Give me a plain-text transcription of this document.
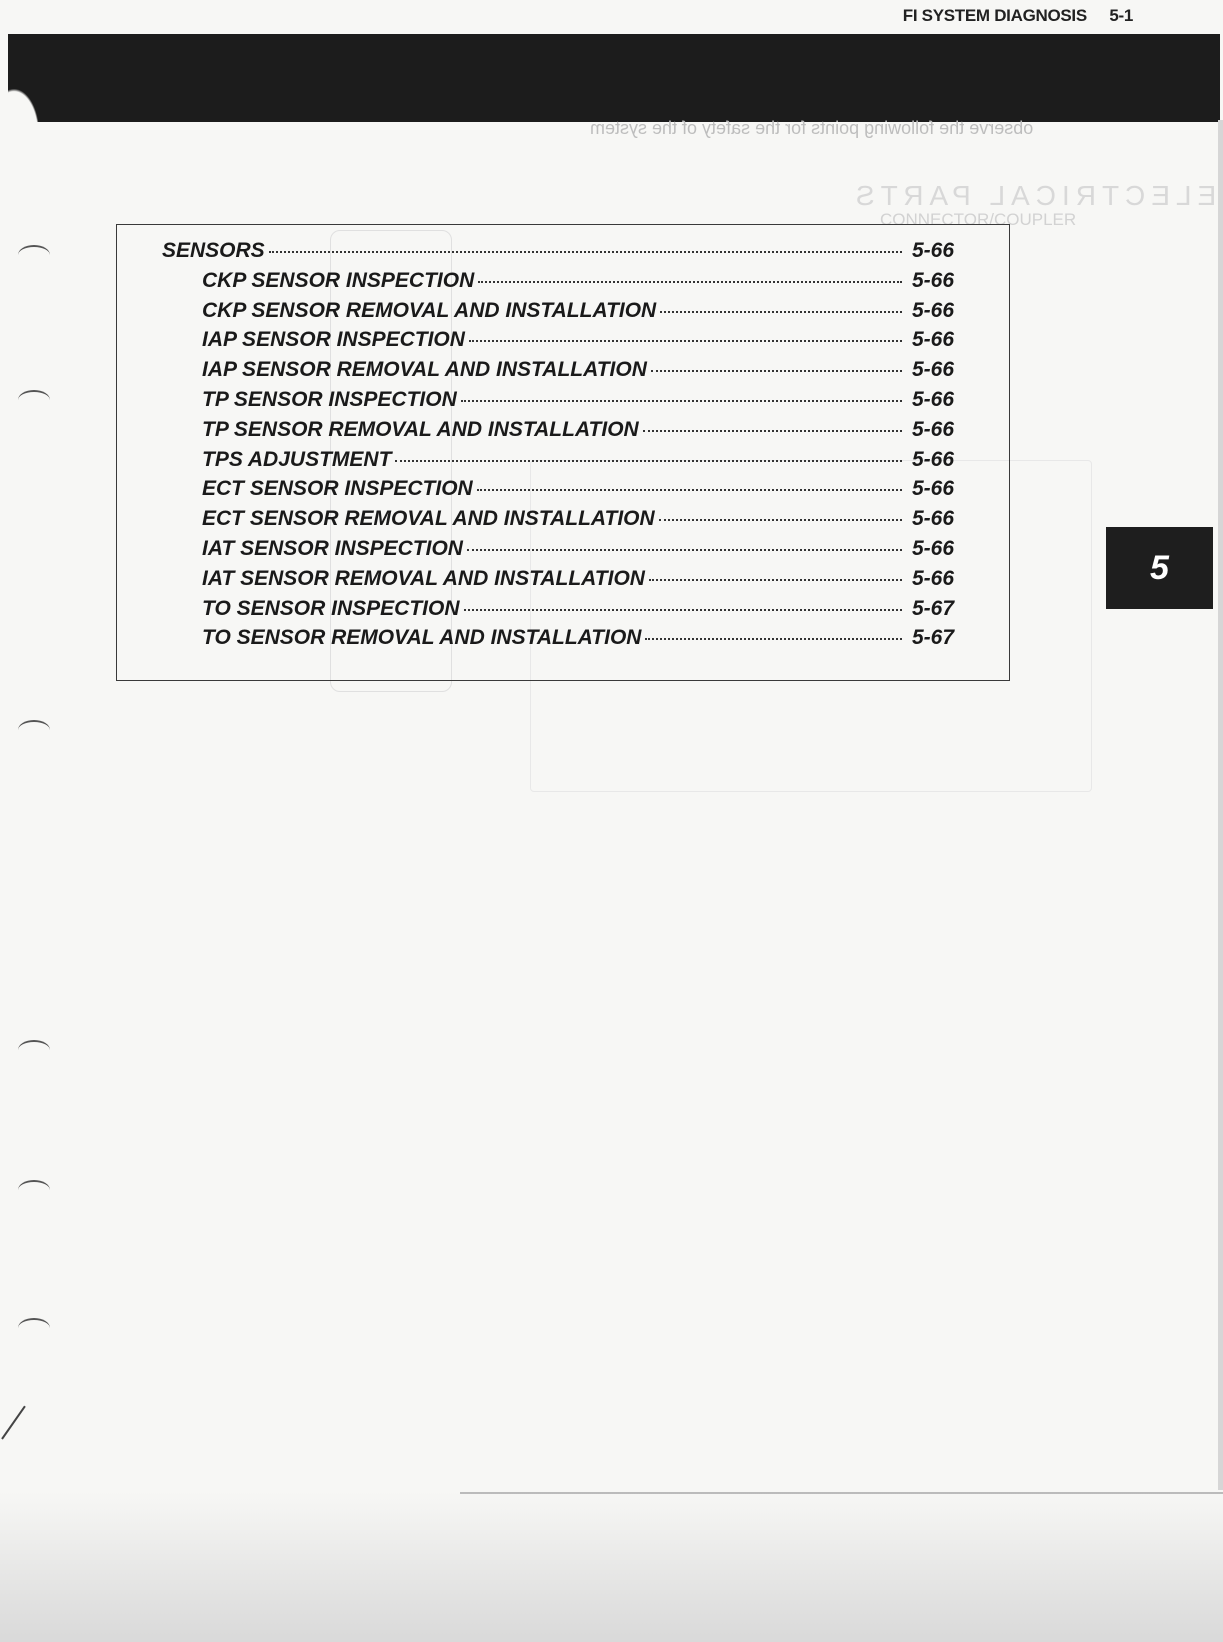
FI SYSTEM DIAGNOSIS 5-1
observe the following points for the safety of the system
ELECTRICAL PARTS
CONNECTOR/COUPLER
SENSORS	5-66
CKP SENSOR INSPECTION	5-66
CKP SENSOR REMOVAL AND INSTALLATION	5-66
IAP SENSOR INSPECTION	5-66
IAP SENSOR REMOVAL AND INSTALLATION	5-66
TP SENSOR INSPECTION	5-66
TP SENSOR REMOVAL AND INSTALLATION	5-66
TPS ADJUSTMENT	5-66
ECT SENSOR INSPECTION	5-66
ECT SENSOR REMOVAL AND INSTALLATION	5-66
IAT SENSOR INSPECTION	5-66
IAT SENSOR REMOVAL AND INSTALLATION	5-66
TO SENSOR INSPECTION	5-67
TO SENSOR REMOVAL AND INSTALLATION	5-67
5
